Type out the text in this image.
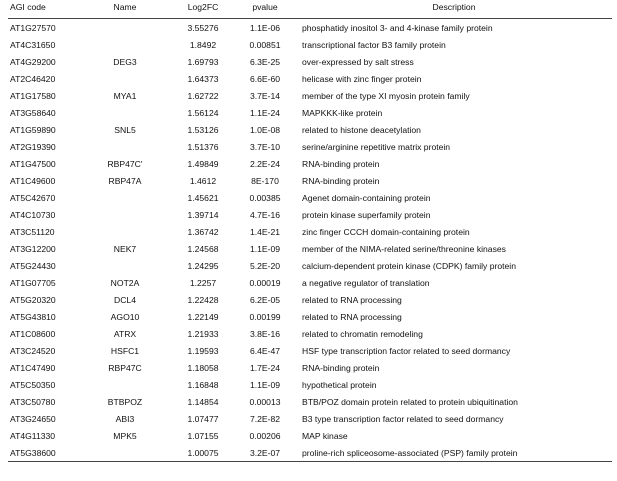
AGI code	Name	Log2FC	pvalue	Description
AT1G27570		3.55276	1.1E-06	phosphatidy inositol 3- and 4-kinase family protein
AT4C31650		1.8492	0.00851	transcriptional factor B3 family protein
AT4G29200	DEG3	1.69793	6.3E-25	over-expressed by salt stress
AT2C46420		1.64373	6.6E-60	helicase with zinc finger protein
AT1G17580	MYA1	1.62722	3.7E-14	member of the type XI myosin protein family
AT3G58640		1.56124	1.1E-24	MAPKKK-like protein
AT1G59890	SNL5	1.53126	1.0E-08	related to histone deacetylation
AT2G19390		1.51376	3.7E-10	serine/arginine repetitive matrix protein
AT1G47500	RBP47C'	1.49849	2.2E-24	RNA-binding protein
AT1C49600	RBP47A	1.4612	8E-170	RNA-binding protein
AT5C42670		1.45621	0.00385	Agenet domain-containing protein
AT4C10730		1.39714	4.7E-16	protein kinase superfamily protein
AT3C51120		1.36742	1.4E-21	zinc finger CCCH domain-containing protein
AT3G12200	NEK7	1.24568	1.1E-09	member of the NIMA-related serine/threonine kinases
AT5G24430		1.24295	5.2E-20	calcium-dependent protein kinase (CDPK) family protein
AT1G07705	NOT2A	1.2257	0.00019	a negative regulator of translation
AT5G20320	DCL4	1.22428	6.2E-05	related to RNA processing
AT5G43810	AGO10	1.22149	0.00199	related to RNA processing
AT1C08600	ATRX	1.21933	3.8E-16	related to chromatin remodeling
AT3C24520	HSFC1	1.19593	6.4E-47	HSF type transcription factor related to seed dormancy
AT1C47490	RBP47C	1.18058	1.7E-24	RNA-binding protein
AT5C50350		1.16848	1.1E-09	hypothetical protein
AT3C50780	BTBPOZ	1.14854	0.00013	BTB/POZ domain protein related to protein ubiquitination
AT3G24650	ABI3	1.07477	7.2E-82	B3 type transcription factor related to seed dormancy
AT4G11330	MPK5	1.07155	0.00206	MAP kinase
AT5G38600		1.00075	3.2E-07	proline-rich spliceosome-associated (PSP) family protein
